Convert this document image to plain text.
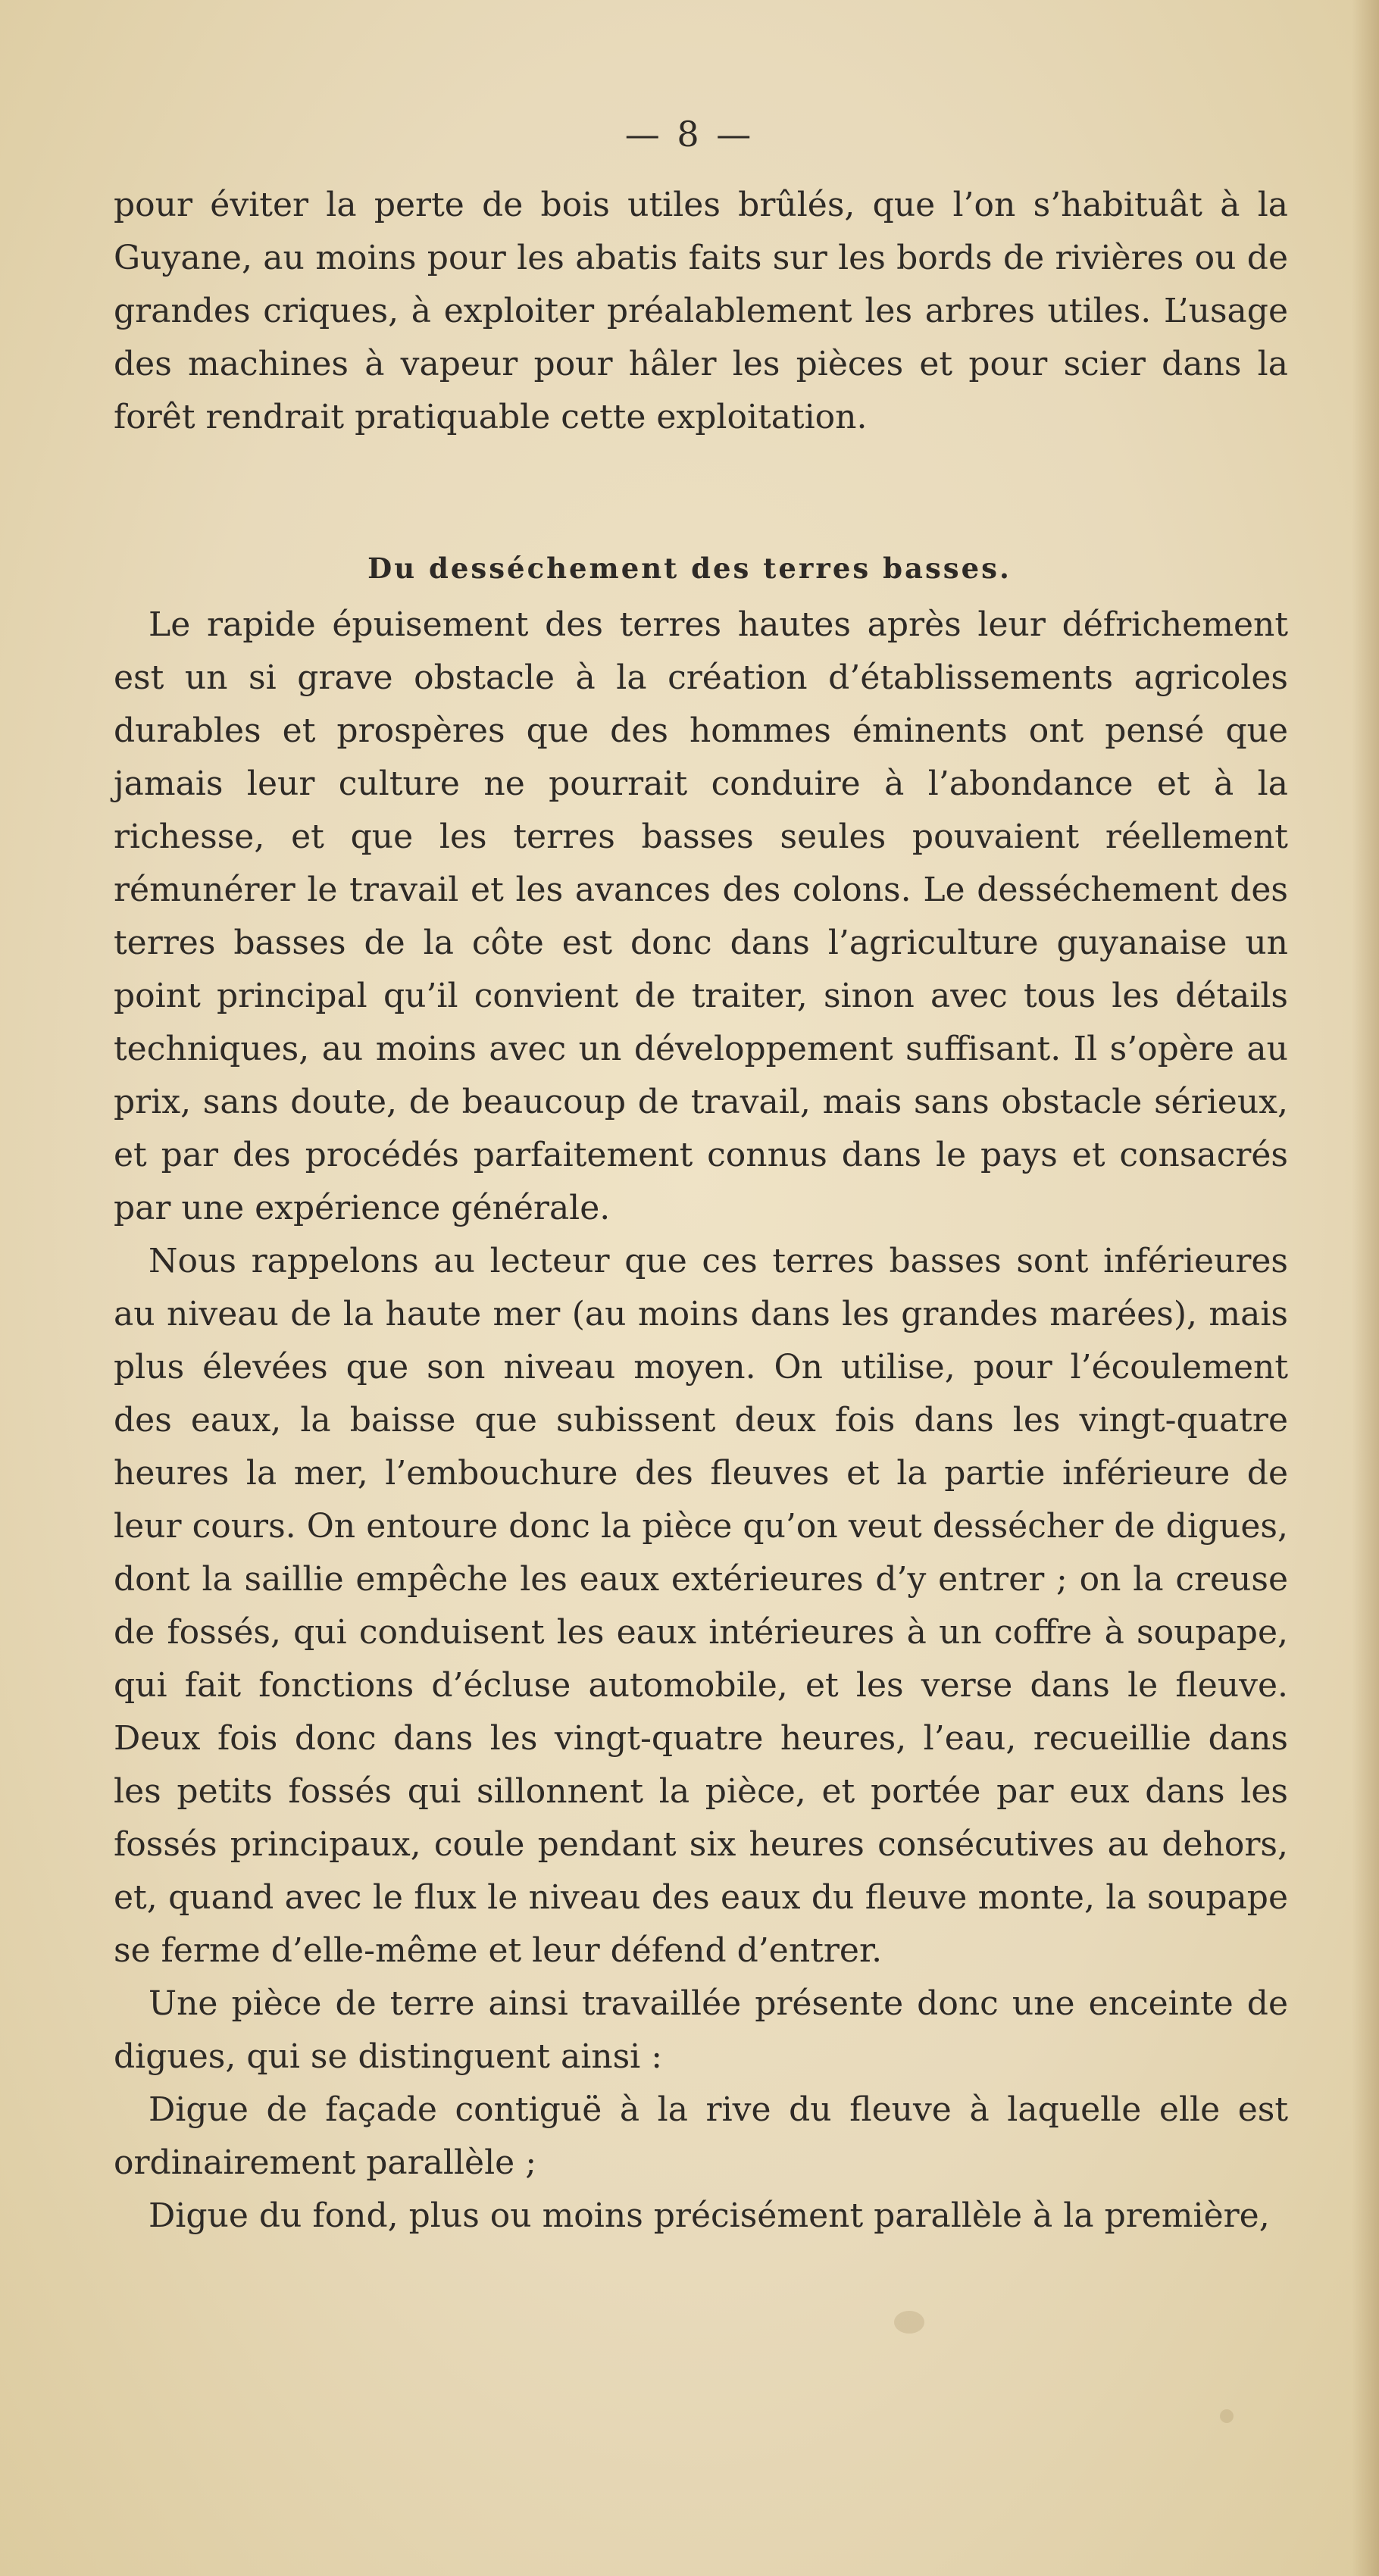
— 8 —

pour éviter la perte de bois utiles brûlés, que l’on s’habituât à la Guyane, au moins pour les abatis faits sur les bords de rivières ou de grandes criques, à exploiter préalablement les arbres utiles. L’usage des machines à vapeur pour hâler les pièces et pour scier dans la forêt rendrait pratiquable cette exploitation.

Du desséchement des terres basses.

Le rapide épuisement des terres hautes après leur défrichement est un si grave obstacle à la création d’établissements agricoles durables et prospères que des hommes éminents ont pensé que jamais leur culture ne pourrait conduire à l’abondance et à la richesse, et que les terres basses seules pouvaient réellement rémunérer le travail et les avances des colons. Le desséchement des terres basses de la côte est donc dans l’agriculture guyanaise un point principal qu’il convient de traiter, sinon avec tous les détails techniques, au moins avec un développement suffisant. Il s’opère au prix, sans doute, de beaucoup de travail, mais sans obstacle sérieux, et par des procédés parfaitement connus dans le pays et consacrés par une expérience générale.

Nous rappelons au lecteur que ces terres basses sont inférieures au niveau de la haute mer (au moins dans les grandes marées), mais plus élevées que son niveau moyen. On utilise, pour l’écoulement des eaux, la baisse que subissent deux fois dans les vingt-quatre heures la mer, l’embouchure des fleuves et la partie inférieure de leur cours. On entoure donc la pièce qu’on veut dessécher de digues, dont la saillie empêche les eaux extérieures d’y entrer ; on la creuse de fossés, qui conduisent les eaux intérieures à un coffre à soupape, qui fait fonctions d’écluse automobile, et les verse dans le fleuve. Deux fois donc dans les vingt-quatre heures, l’eau, recueillie dans les petits fossés qui sillonnent la pièce, et portée par eux dans les fossés principaux, coule pendant six heures consécutives au dehors, et, quand avec le flux le niveau des eaux du fleuve monte, la soupape se ferme d’elle-même et leur défend d’entrer.

Une pièce de terre ainsi travaillée présente donc une enceinte de digues, qui se distinguent ainsi :

Digue de façade contiguë à la rive du fleuve à laquelle elle est ordinairement parallèle ;

Digue du fond, plus ou moins précisément parallèle à la première,
